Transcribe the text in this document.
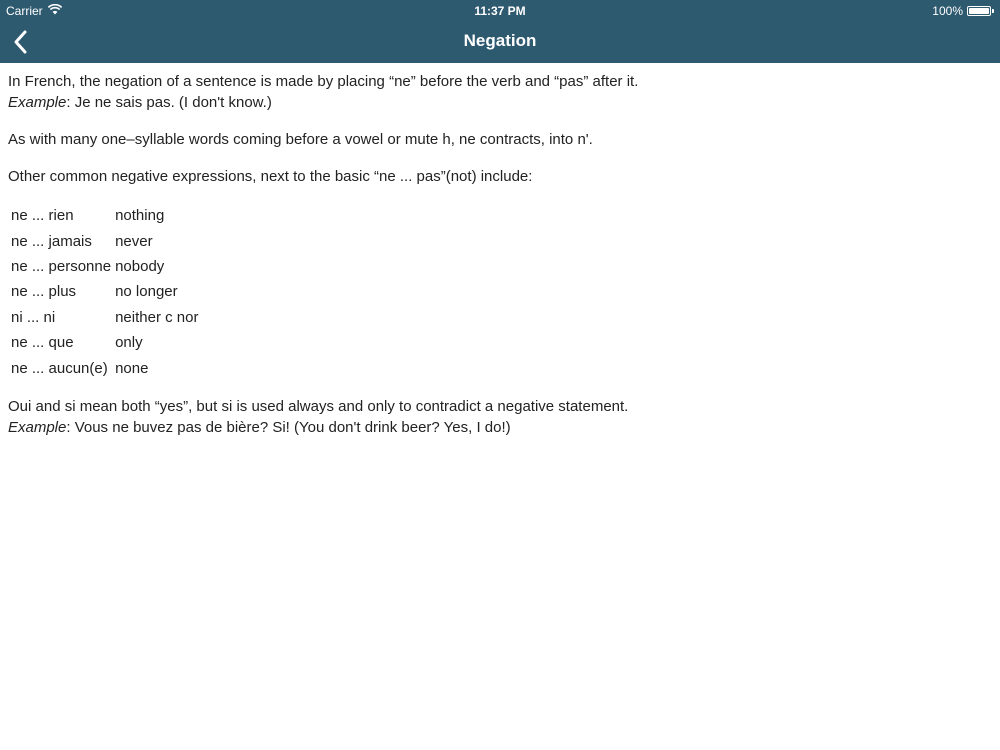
Carrier	11:37 PM	100%
Negation

In French, the negation of a sentence is made by placing “ne” before the verb and “pas” after it.
Example: Je ne sais pas. (I don't know.)

As with many one–syllable words coming before a vowel or mute h, ne contracts, into n'.

Other common negative expressions, next to the basic “ne ... pas”(not) include:

ne ... rien	nothing
ne ... jamais	never
ne ... personne	nobody
ne ... plus	no longer
ni ... ni	neither c nor
ne ... que	only
ne ... aucun(e)	none

Oui and si mean both “yes”, but si is used always and only to contradict a negative statement.
Example: Vous ne buvez pas de bière? Si! (You don't drink beer? Yes, I do!)
